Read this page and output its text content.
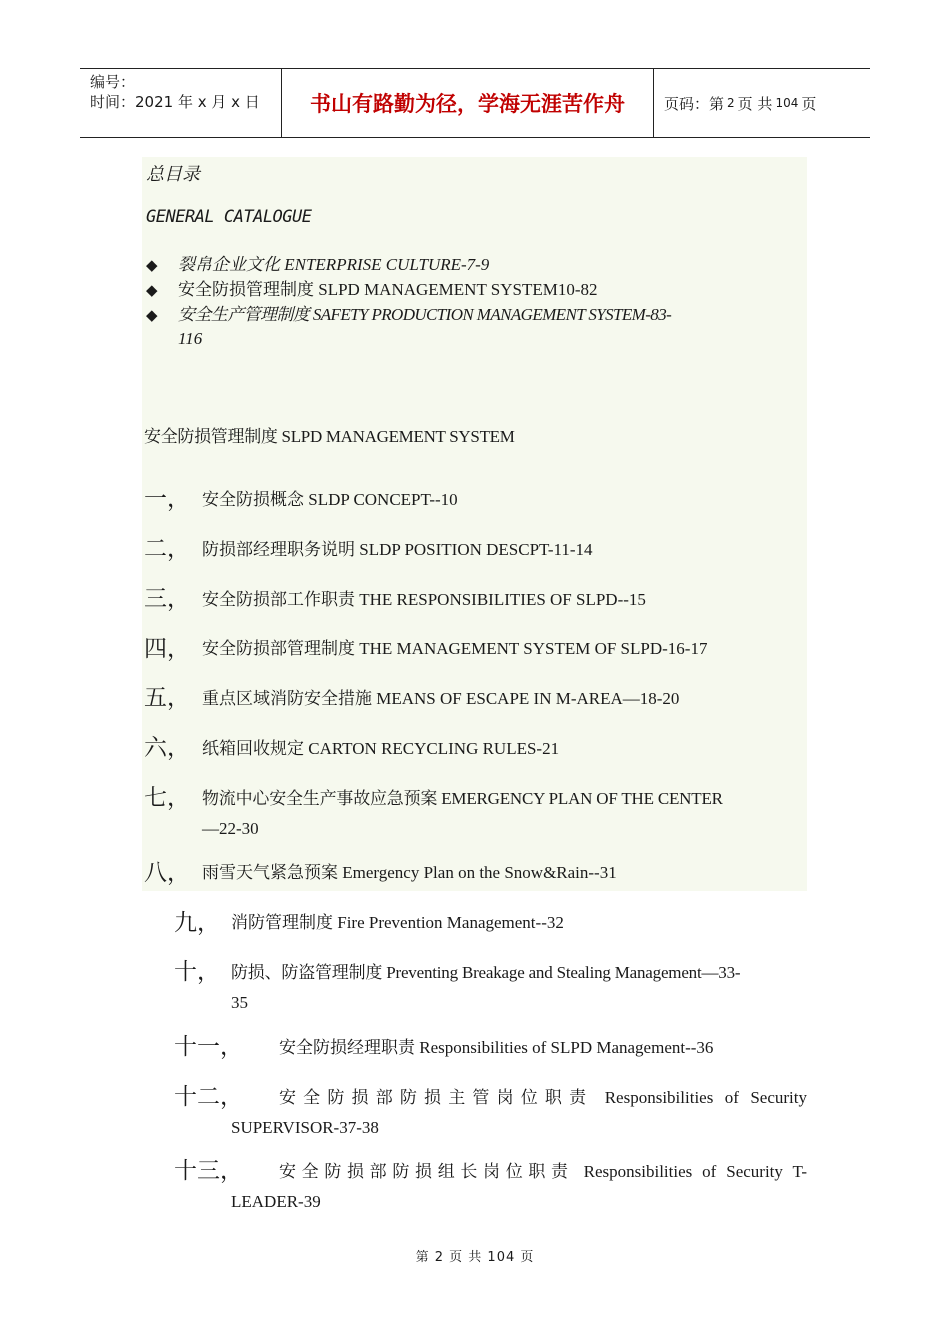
编号：
时间：2021 年 x 月 x 日	书山有路勤为径，学海无涯苦作舟	页码：第 2 页 共 104 页
总目录
GENERAL CATALOGUE
◆ 裂帛企业文化 ENTERPRISE CULTURE-7-9
◆ 安全防损管理制度 SLPD MANAGEMENT SYSTEM10-82
◆ 安全生产管理制度 SAFETY PRODUCTION MANAGEMENT SYSTEM-83-
116
安全防损管理制度 SLPD MANAGEMENT SYSTEM
一， 安全防损概念 SLDP CONCEPT--10
二， 防损部经理职务说明 SLDP POSITION DESCPT-11-14
三， 安全防损部工作职责 THE RESPONSIBILITIES OF SLPD--15
四， 安全防损部管理制度 THE MANAGEMENT SYSTEM OF SLPD-16-17
五， 重点区域消防安全措施 MEANS OF ESCAPE IN M-AREA—18-20
六， 纸箱回收规定 CARTON RECYCLING RULES-21
七， 物流中心安全生产事故应急预案 EMERGENCY PLAN OF THE CENTER
—22-30
八， 雨雪天气紧急预案 Emergency Plan on the Snow&Rain--31
九， 消防管理制度 Fire Prevention Management--32
十， 防损、防盗管理制度 Preventing Breakage and Stealing Management—33-
35
十一， 安全防损经理职责 Responsibilities of SLPD Management--36
十二， 安全防损部防损主管岗位职责 Responsibilities of Security
SUPERVISOR-37-38
十三， 安全防损部防损组长岗位职责 Responsibilities of Security T-
LEADER-39
第 2 页 共 104 页
